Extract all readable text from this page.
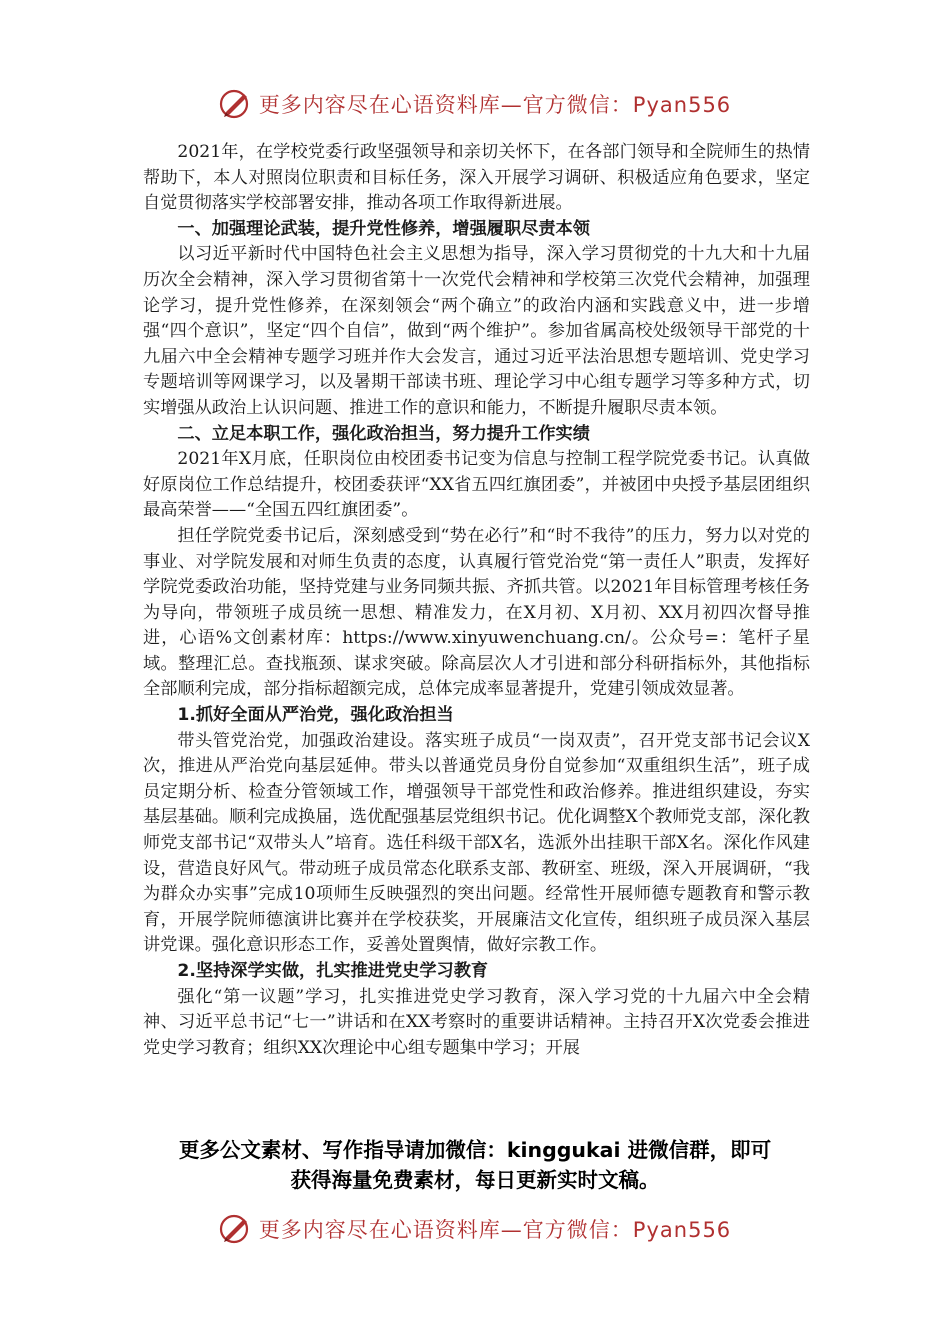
更多内容尽在心语资料库—官方微信：Pyan556

2021年，在学校党委行政坚强领导和亲切关怀下，在各部门领导和全院师生的热情帮助下，本人对照岗位职责和目标任务，深入开展学习调研、积极适应角色要求，坚定自觉贯彻落实学校部署安排，推动各项工作取得新进展。

一、加强理论武装，提升党性修养，增强履职尽责本领

以习近平新时代中国特色社会主义思想为指导，深入学习贯彻党的十九大和十九届历次全会精神，深入学习贯彻省第十一次党代会精神和学校第三次党代会精神，加强理论学习，提升党性修养，在深刻领会“两个确立”的政治内涵和实践意义中，进一步增强“四个意识”，坚定“四个自信”，做到“两个维护”。参加省属高校处级领导干部党的十九届六中全会精神专题学习班并作大会发言，通过习近平法治思想专题培训、党史学习专题培训等网课学习，以及暑期干部读书班、理论学习中心组专题学习等多种方式，切实增强从政治上认识问题、推进工作的意识和能力，不断提升履职尽责本领。

二、立足本职工作，强化政治担当，努力提升工作实绩

2021年X月底，任职岗位由校团委书记变为信息与控制工程学院党委书记。认真做好原岗位工作总结提升，校团委获评“XX省五四红旗团委”，并被团中央授予基层团组织最高荣誉——“全国五四红旗团委”。

担任学院党委书记后，深刻感受到“势在必行”和“时不我待”的压力，努力以对党的事业、对学院发展和对师生负责的态度，认真履行管党治党“第一责任人”职责，发挥好学院党委政治功能，坚持党建与业务同频共振、齐抓共管。以2021年目标管理考核任务为导向，带领班子成员统一思想、精准发力，在X月初、X月初、XX月初四次督导推进，心语%文创素材库：https://www.xinyuwenchuang.cn/。公众号=：笔杆子星域。整理汇总。查找瓶颈、谋求突破。除高层次人才引进和部分科研指标外，其他指标全部顺利完成，部分指标超额完成，总体完成率显著提升，党建引领成效显著。

1.抓好全面从严治党，强化政治担当

带头管党治党，加强政治建设。落实班子成员“一岗双责”，召开党支部书记会议X次，推进从严治党向基层延伸。带头以普通党员身份自觉参加“双重组织生活”，班子成员定期分析、检查分管领域工作，增强领导干部党性和政治修养。推进组织建设，夯实基层基础。顺利完成换届，选优配强基层党组织书记。优化调整X个教师党支部，深化教师党支部书记“双带头人”培育。选任科级干部X名，选派外出挂职干部X名。深化作风建设，营造良好风气。带动班子成员常态化联系支部、教研室、班级，深入开展调研，“我为群众办实事”完成10项师生反映强烈的突出问题。经常性开展师德专题教育和警示教育，开展学院师德演讲比赛并在学校获奖，开展廉洁文化宣传，组织班子成员深入基层讲党课。强化意识形态工作，妥善处置舆情，做好宗教工作。

2.坚持深学实做，扎实推进党史学习教育

强化“第一议题”学习，扎实推进党史学习教育，深入学习党的十九届六中全会精神、习近平总书记“七一”讲话和在XX考察时的重要讲话精神。主持召开X次党委会推进党史学习教育；组织XX次理论中心组专题集中学习；开展

更多公文素材、写作指导请加微信：kinggukai 进微信群，即可
获得海量免费素材，每日更新实时文稿。
更多内容尽在心语资料库—官方微信：Pyan556
